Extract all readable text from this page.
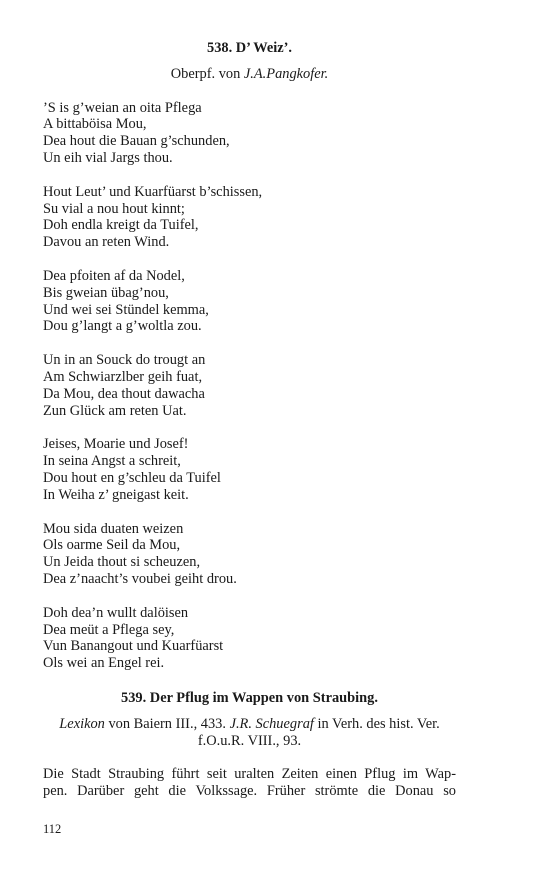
538. D’ Weiz’.
Oberpf. von J.A.Pangkofer.
’S is g’weian an oita Pflega
A bittaböisa Mou,
Dea hout die Bauan g’schunden,
Un eih vial Jargs thou.
Hout Leut’ und Kuarfüarst b’schissen,
Su vial a nou hout kinnt;
Doh endla kreigt da Tuifel,
Davou an reten Wind.
Dea pfoiten af da Nodel,
Bis gweian übag’nou,
Und wei sei Stündel kemma,
Dou g’langt a g’woltla zou.
Un in an Souck do trougt an
Am Schwiarzlber geih fuat,
Da Mou, dea thout dawacha
Zun Glück am reten Uat.
Jeises, Moarie und Josef!
In seina Angst a schreit,
Dou hout en g’schleu da Tuifel
In Weiha z’ gneigast keit.
Mou sida duaten weizen
Ols oarme Seil da Mou,
Un Jeida thout si scheuzen,
Dea z’naacht’s voubei geiht drou.
Doh dea’n wullt dalöisen
Dea meüt a Pflega sey,
Vun Banangout und Kuarfüarst
Ols wei an Engel rei.
539. Der Pflug im Wappen von Straubing.
Lexikon von Baiern III., 433. J.R. Schuegraf in Verh. des hist. Ver.
f.O.u.R. VIII., 93.
Die Stadt Straubing führt seit uralten Zeiten einen Pflug im Wap-
pen. Darüber geht die Volkssage. Früher strömte die Donau so
112
